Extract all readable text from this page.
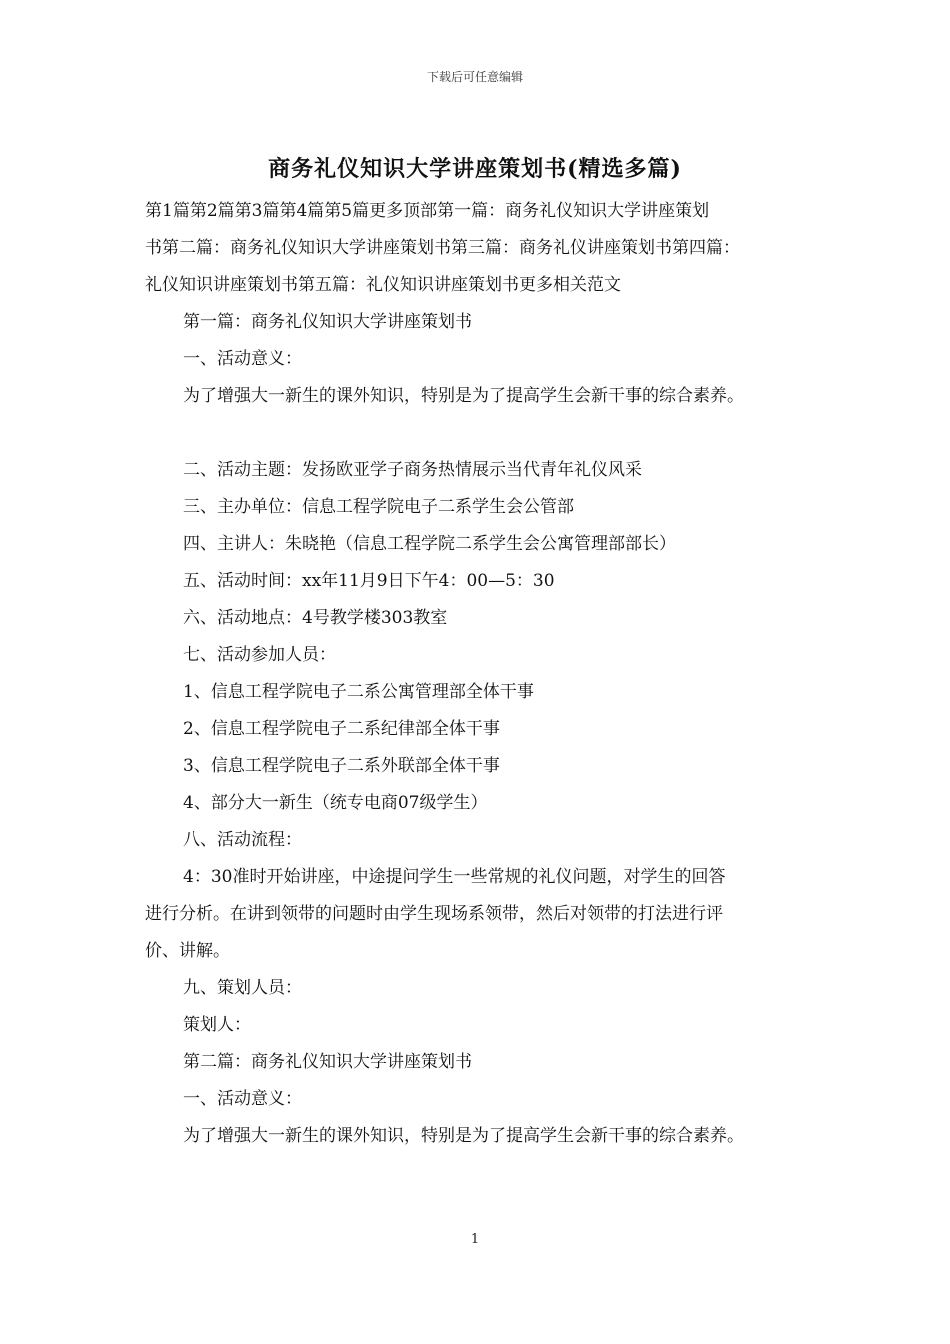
下载后可任意编辑
商务礼仪知识大学讲座策划书(精选多篇)

第1篇第2篇第3篇第4篇第5篇更多顶部第一篇：商务礼仪知识大学讲座策划

书第二篇：商务礼仪知识大学讲座策划书第三篇：商务礼仪讲座策划书第四篇：

礼仪知识讲座策划书第五篇：礼仪知识讲座策划书更多相关范文

第一篇：商务礼仪知识大学讲座策划书

一、活动意义：

为了增强大一新生的课外知识，特别是为了提高学生会新干事的综合素养。

二、活动主题：发扬欧亚学子商务热情展示当代青年礼仪风采

三、主办单位：信息工程学院电子二系学生会公管部

四、主讲人：朱晓艳（信息工程学院二系学生会公寓管理部部长）

五、活动时间：xx年11月9日下午4：00—5：30

六、活动地点：4号教学楼303教室

七、活动参加人员：

1、信息工程学院电子二系公寓管理部全体干事

2、信息工程学院电子二系纪律部全体干事

3、信息工程学院电子二系外联部全体干事

4、部分大一新生（统专电商07级学生）

八、活动流程：

4：30准时开始讲座，中途提问学生一些常规的礼仪问题，对学生的回答

进行分析。在讲到领带的问题时由学生现场系领带，然后对领带的打法进行评

价、讲解。

九、策划人员：

策划人：

第二篇：商务礼仪知识大学讲座策划书

一、活动意义：

为了增强大一新生的课外知识，特别是为了提高学生会新干事的综合素养。

1
